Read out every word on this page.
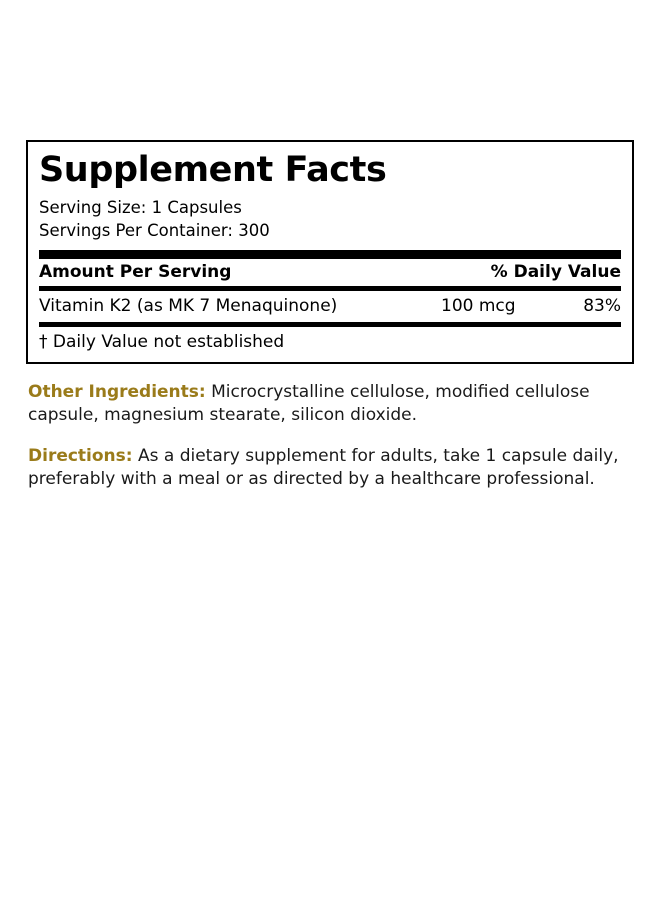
Supplement Facts
Serving Size: 1 Capsules
Servings Per Container: 300
Amount Per Serving	% Daily Value
Vitamin K2 (as MK 7 Menaquinone)	100 mcg	83%
† Daily Value not established

Other Ingredients: Microcrystalline cellulose, modified cellulose capsule, magnesium stearate, silicon dioxide.

Directions: As a dietary supplement for adults, take 1 capsule daily, preferably with a meal or as directed by a healthcare professional.
